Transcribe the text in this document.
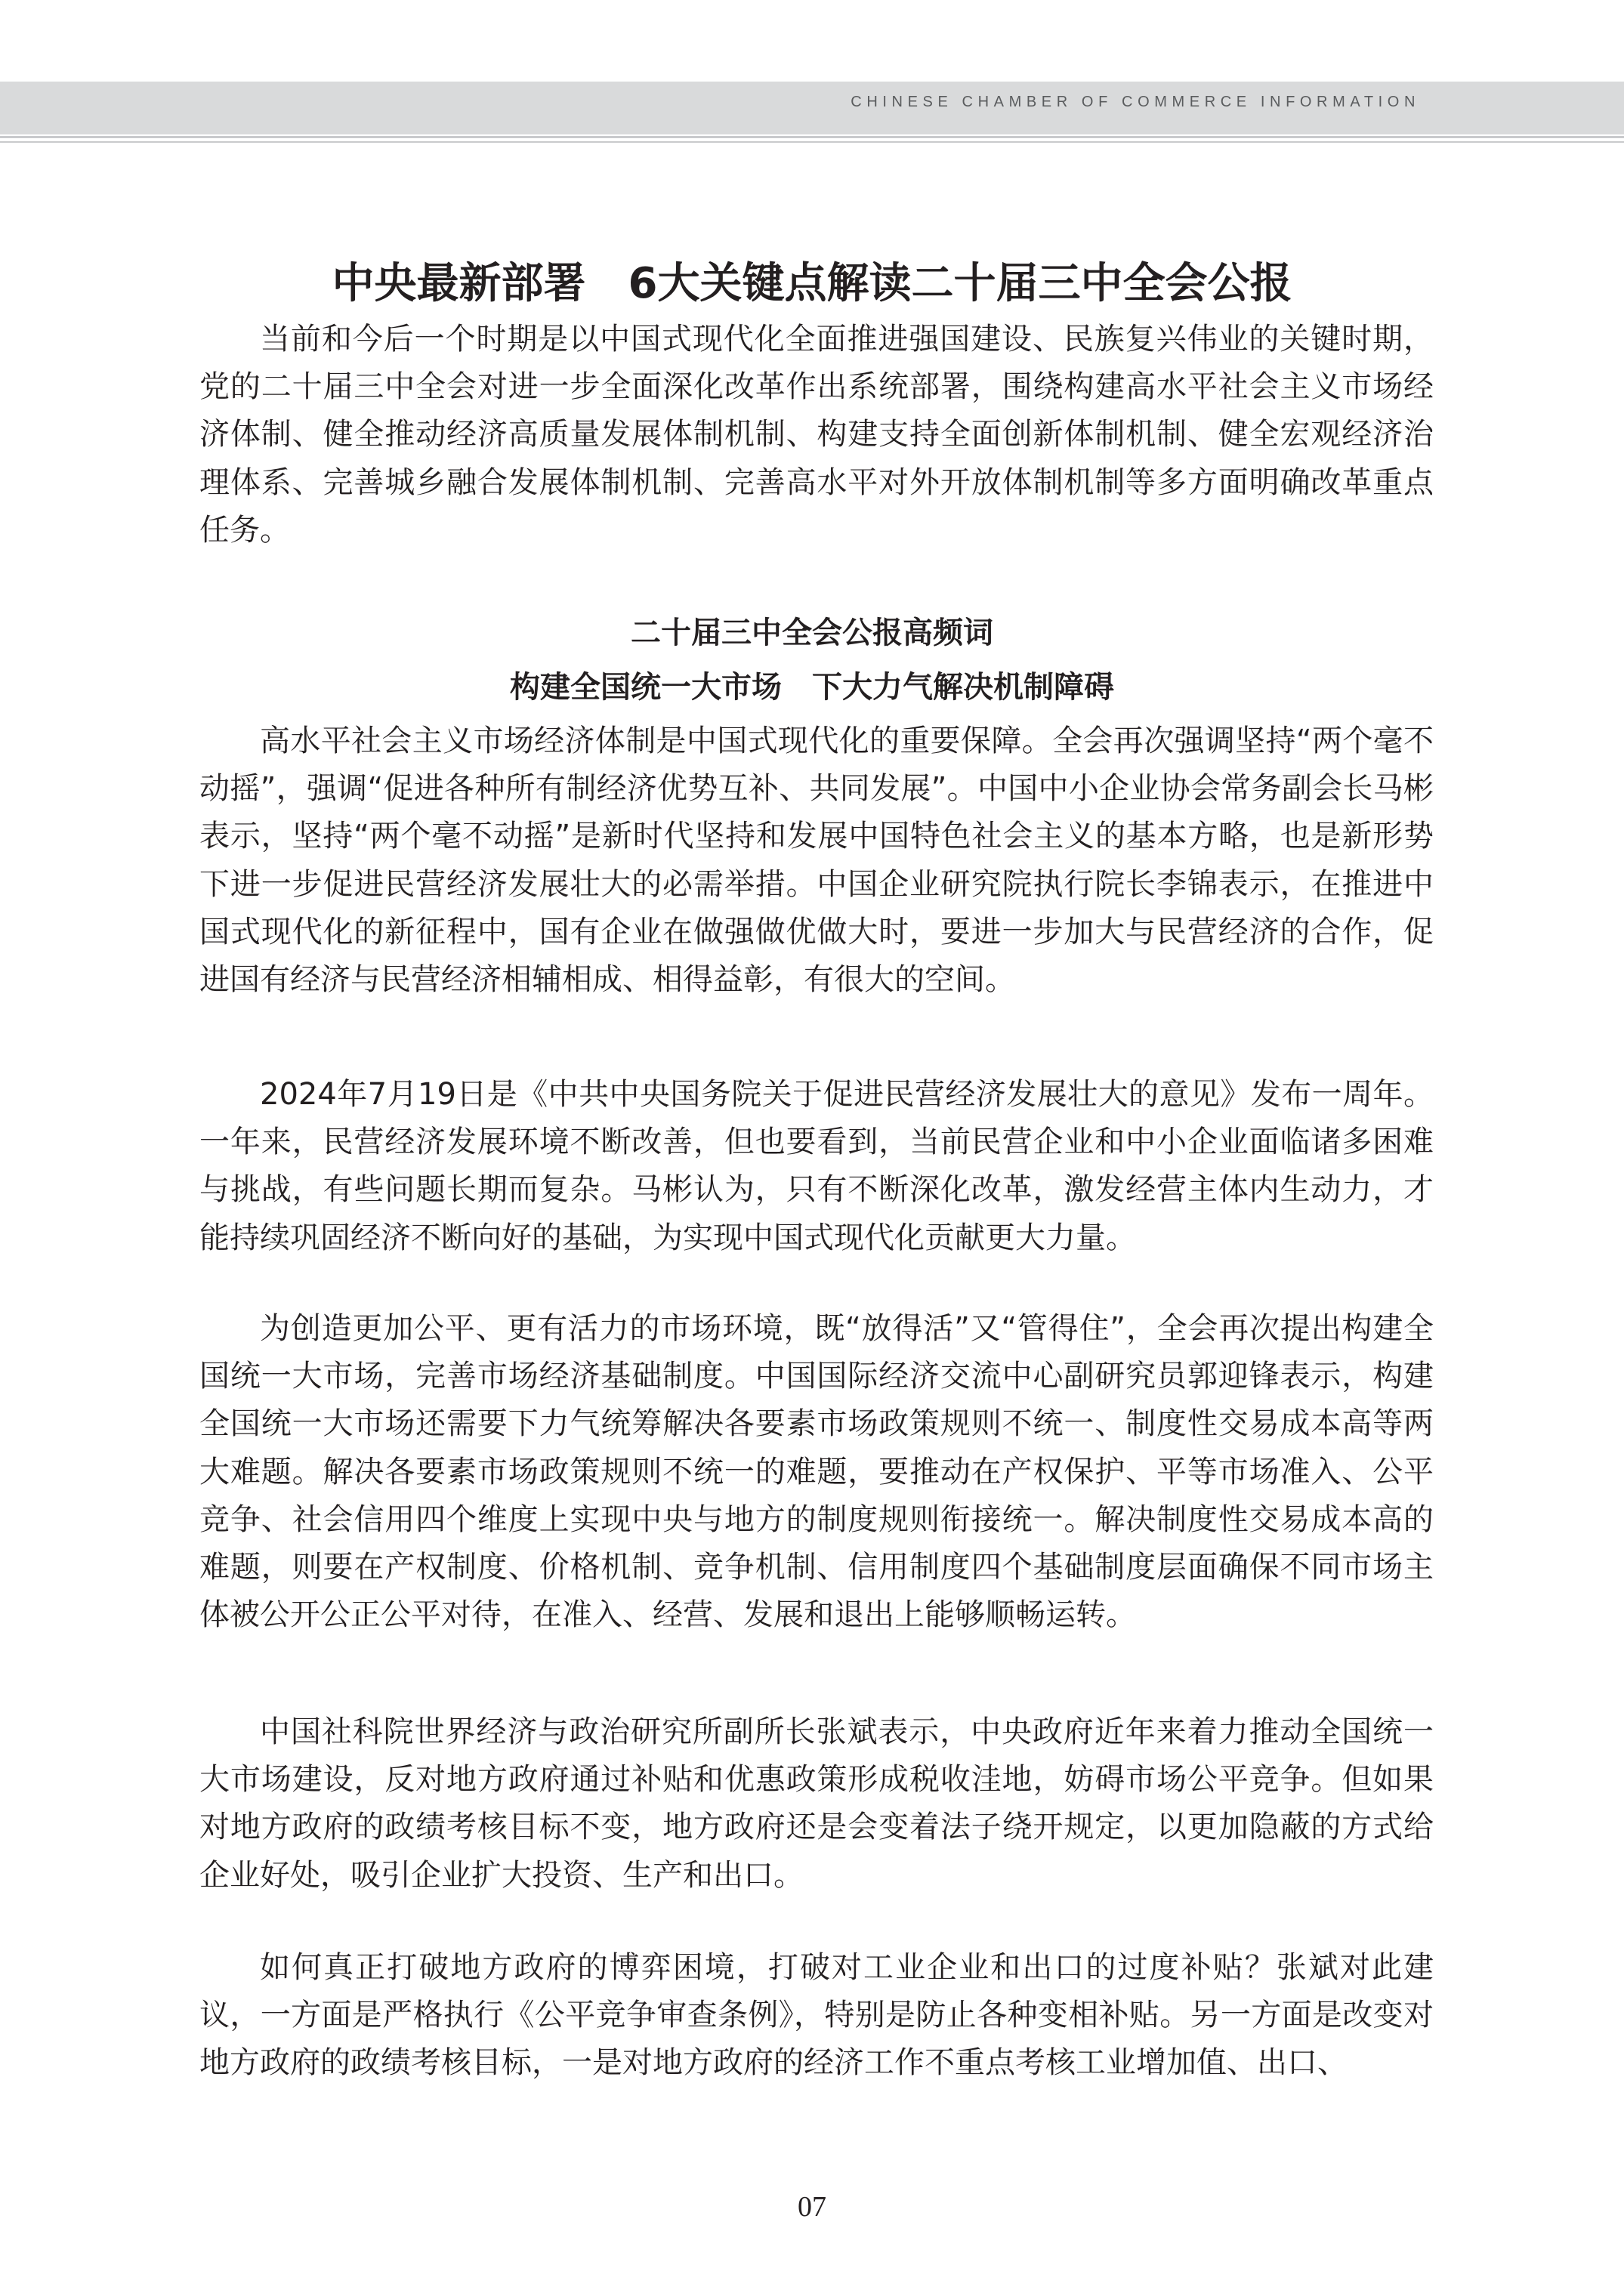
CHINESE CHAMBER OF COMMERCE INFORMATION
中央最新部署　6大关键点解读二十届三中全会公报

当前和今后一个时期是以中国式现代化全面推进强国建设、民族复兴伟业的关键时期，党的二十届三中全会对进一步全面深化改革作出系统部署，围绕构建高水平社会主义市场经济体制、健全推动经济高质量发展体制机制、构建支持全面创新体制机制、健全宏观经济治理体系、完善城乡融合发展体制机制、完善高水平对外开放体制机制等多方面明确改革重点任务。

二十届三中全会公报高频词
构建全国统一大市场　下大力气解决机制障碍

高水平社会主义市场经济体制是中国式现代化的重要保障。全会再次强调坚持“两个毫不动摇”，强调“促进各种所有制经济优势互补、共同发展”。中国中小企业协会常务副会长马彬表示，坚持“两个毫不动摇”是新时代坚持和发展中国特色社会主义的基本方略，也是新形势下进一步促进民营经济发展壮大的必需举措。中国企业研究院执行院长李锦表示，在推进中国式现代化的新征程中，国有企业在做强做优做大时，要进一步加大与民营经济的合作，促进国有经济与民营经济相辅相成、相得益彰，有很大的空间。

2024年7月19日是《中共中央国务院关于促进民营经济发展壮大的意见》发布一周年。一年来，民营经济发展环境不断改善，但也要看到，当前民营企业和中小企业面临诸多困难与挑战，有些问题长期而复杂。马彬认为，只有不断深化改革，激发经营主体内生动力，才能持续巩固经济不断向好的基础，为实现中国式现代化贡献更大力量。

为创造更加公平、更有活力的市场环境，既“放得活”又“管得住”，全会再次提出构建全国统一大市场，完善市场经济基础制度。中国国际经济交流中心副研究员郭迎锋表示，构建全国统一大市场还需要下力气统筹解决各要素市场政策规则不统一、制度性交易成本高等两大难题。解决各要素市场政策规则不统一的难题，要推动在产权保护、平等市场准入、公平竞争、社会信用四个维度上实现中央与地方的制度规则衔接统一。解决制度性交易成本高的难题，则要在产权制度、价格机制、竞争机制、信用制度四个基础制度层面确保不同市场主体被公开公正公平对待，在准入、经营、发展和退出上能够顺畅运转。

中国社科院世界经济与政治研究所副所长张斌表示，中央政府近年来着力推动全国统一大市场建设，反对地方政府通过补贴和优惠政策形成税收洼地，妨碍市场公平竞争。但如果对地方政府的政绩考核目标不变，地方政府还是会变着法子绕开规定，以更加隐蔽的方式给企业好处，吸引企业扩大投资、生产和出口。

如何真正打破地方政府的博弈困境，打破对工业企业和出口的过度补贴？张斌对此建议，一方面是严格执行《公平竞争审查条例》，特别是防止各种变相补贴。另一方面是改变对地方政府的政绩考核目标，一是对地方政府的经济工作不重点考核工业增加值、出口、

07
